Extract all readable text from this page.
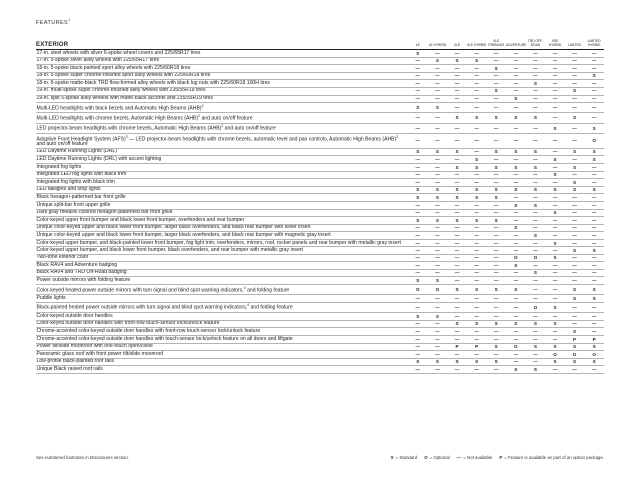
FEATURES$^1$
EXTERIOR	LE	LE HYBRID	XLE	XLE HYBRID	XLE PREMIUM	ADVENTURE	TRD OFF-ROAD	XSE HYBRID	LIMITED	LIMITED HYBRID
17-in. steel wheels with silver 6-spoke wheel covers and 225/65R17 tires	S	—	—	—	—	—	—	—	—	—
17-in. 5-spoke silver alloy wheels with 225/65R17 tires	—	S	S	S	—	—	—	—	—	—
18-in. 5-spoke black-painted sport alloy wheels with 225/60R18 tires	—	—	—	—	S	—	—	—	—	—
18-in. 5-spoke super chrome-finished sport alloy wheels with 225/60R18 tires	—	—	—	—	—	—	—	—	—	S
18-in. 6-spoke matte-black TRD flow-formed alloy wheels with black lug nuts with 225/60R18 100H tires	—	—	—	—	—	—	S	—	—	—
19-in. multi-spoke super chrome-finished alloy wheels with 235/55R19 tires	—	—	—	—	S	—	—	—	S	—
19-in. split 5-spoke alloy wheels with matte-black accents and 235/55R19 tires	—	—	—	—	—	S	—	—	—	—
Multi-LED headlights with black bezels and Automatic High Beams (AHB)$^2$	S	S	—	—	—	—	—	—	—	—
Multi-LED headlights with chrome bezels, Automatic High Beams (AHB)$^2$ and auto on/off feature	—	—	S	S	S	S	S	—	S	—
LED projector-beam headlights with chrome bezels, Automatic High Beams (AHB)$^2$ and auto on/off feature	—	—	—	—	—	—	—	S	—	S
Adaptive Front Headlight System (AFS)$^3$ — LED projector-beam headlights with chrome bezels, automatic level and pan controls, Automatic High Beams (AHB)$^2$ and auto on/off feature	—	—	—	—	—	—	—	—	—	O
LED Daytime Running Lights (DRL)	S	S	S	—	S	S	S	—	S	S
LED Daytime Running Lights (DRL) with accent lighting	—	—	—	S	—	—	—	S	—	S
Integrated fog lights	—	—	S	S	S	S	S	—	S	—
Integrated LED fog lights with black trim	—	—	—	—	—	—	—	S	—	—
Integrated fog lights with black trim	—	—	—	—	—	—	—	—	S	—
LED taillights and stop lights	S	S	S	S	S	S	S	S	S	S
Black hexagon-patterned bar front grille	S	S	S	S	S	—	—	—	—	—
Unique split-bar front upper grille	—	—	—	—	—	S	S	—	—	—
Dark gray metallic-colored hexagon-patterned bar front grille	—	—	—	—	—	—	—	S	—	—
Color-keyed upper front bumper and black lower front bumper, overfenders and rear bumper	S	S	S	S	S	—	—	—	—	—
Unique color-keyed upper and black lower front bumper, larger black overfenders, and black rear bumper with silver insert	—	—	—	—	—	S	—	—	—	—
Unique color-keyed upper and black lower front bumper, larger black overfenders, and black rear bumper with magnetic gray insert	—	—	—	—	—	—	S	—	—	—
Color-keyed upper bumper, and black-painted lower front bumper, fog light trim, overfenders, mirrors, roof, rocker panels and rear bumper with metallic gray insert	—	—	—	—	—	—	—	S	—	—
Color-keyed upper bumper, and black lower front bumper, black overfenders, and rear bumper with metallic gray insert	—	—	—	—	—	—	—	—	S	S
Two-tone exterior color	—	—	—	—	—	O	O	S	—	—
Black RAV4 and Adventure badging	—	—	—	—	—	S	—	—	—	—
Black RAV4 and TRD Off-Road badging	—	—	—	—	—	—	S	—	—	—
Power outside mirrors with folding feature	S	S	—	—	—	—	—	—	—	—
Color-keyed heated power outside mirrors with turn signal and blind spot warning indicators,$^4$ and folding feature	O	O	S	S	S	S	—	—	S	S
Puddle lights	—	—	—	—	—	—	—	—	S	S
Black-painted heated power outside mirrors with turn signal and blind spot warning indicators,$^4$ and folding feature	—	—	—	—	—	—	O	S	—	—
Color-keyed outside door handles	S	S	—	—	—	—	—	—	—	—
Color-keyed outside door handles with front-row touch-sensor lock/unlock feature	—	—	S	S	S	S	S	S	—	—
Chrome-accented color-keyed outside door handles with front-row touch-sensor lock/unlock feature	—	—	—	—	—	—	—	—	S	—
Chrome-accented color-keyed outside door handles with touch-sensor lock/unlock feature on all doors and liftgate	—	—	—	—	—	—	—	—	P	P
Power tilt/slide moonroof with one-touch open/close	—	—	P	P	S	O	S	S	S	S
Panoramic glass roof with front power tilt/slide moonroof	—	—	—	—	—	—	—	O	O	O
Low-profile black-painted roof rails	S	S	S	S	S	—	—	S	S	S
Unique Black raised roof rails	—	—	—	—	—	S	S	—	—	—
See numbered footnotes in Disclosures section.	S = Standard O = Optional — = Not available P = Feature is available as part of an option package.
